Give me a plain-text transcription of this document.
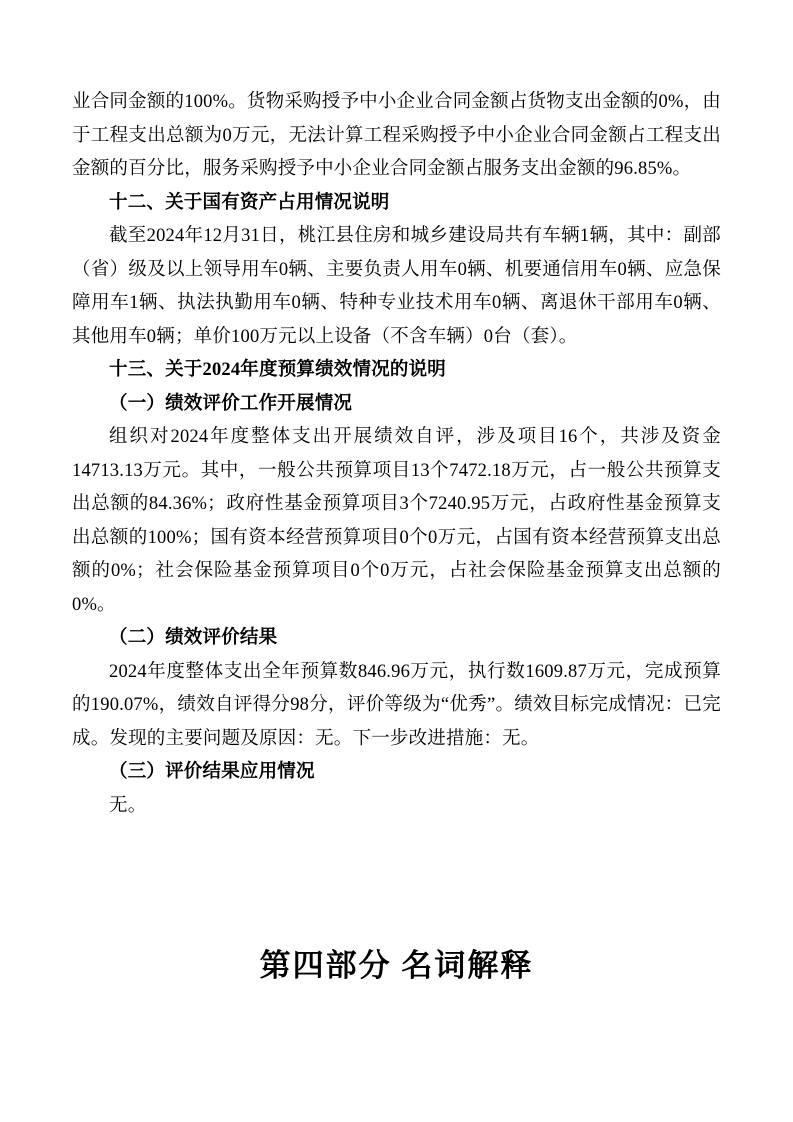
业合同金额的100%。货物采购授予中小企业合同金额占货物支出金额的0%，由于工程支出总额为0万元，无法计算工程采购授予中小企业合同金额占工程支出金额的百分比，服务采购授予中小企业合同金额占服务支出金额的96.85%。

十二、关于国有资产占用情况说明

截至2024年12月31日，桃江县住房和城乡建设局共有车辆1辆，其中：副部（省）级及以上领导用车0辆、主要负责人用车0辆、机要通信用车0辆、应急保障用车1辆、执法执勤用车0辆、特种专业技术用车0辆、离退休干部用车0辆、其他用车0辆；单价100万元以上设备（不含车辆）0台（套）。

十三、关于2024年度预算绩效情况的说明

（一）绩效评价工作开展情况

组织对2024年度整体支出开展绩效自评，涉及项目16个，共涉及资金14713.13万元。其中，一般公共预算项目13个7472.18万元，占一般公共预算支出总额的84.36%；政府性基金预算项目3个7240.95万元，占政府性基金预算支出总额的100%；国有资本经营预算项目0个0万元，占国有资本经营预算支出总额的0%；社会保险基金预算项目0个0万元，占社会保险基金预算支出总额的0%。

（二）绩效评价结果

2024年度整体支出全年预算数846.96万元，执行数1609.87万元，完成预算的190.07%，绩效自评得分98分，评价等级为“优秀”。绩效目标完成情况：已完成。发现的主要问题及原因：无。下一步改进措施：无。

（三）评价结果应用情况

无。

第四部分 名词解释
